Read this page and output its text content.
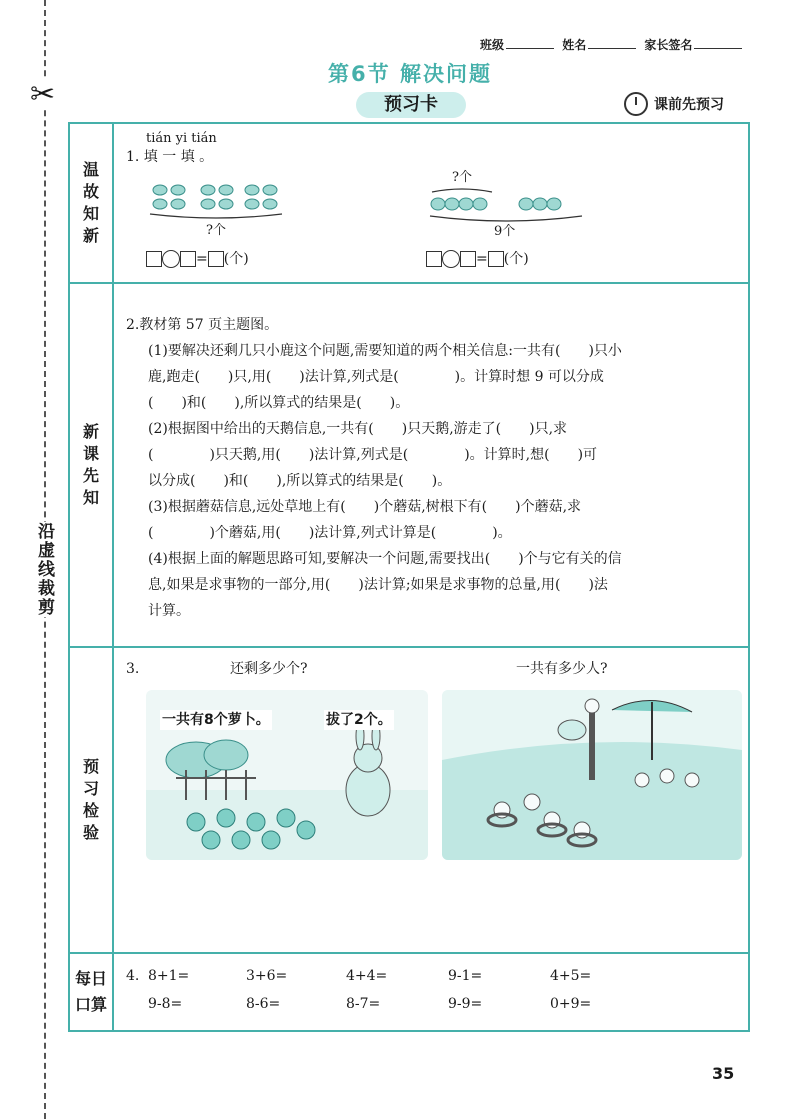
✂
沿虚线裁剪
班级	姓名	家长签名
第6节 解决问题
预习卡	课前先预习
温故知新
tián yi tián
1. 填 一 填 。
?个
= (个)
?个
9个
= (个)
新课先知

2.教材第 57 页主题图。

(1)要解决还剩几只小鹿这个问题,需要知道的两个相关信息:一共有(　　)只小

鹿,跑走(　　)只,用(　　)法计算,列式是(　　　　)。计算时想 9 可以分成

(　　)和(　　),所以算式的结果是(　　)。

(2)根据图中给出的天鹅信息,一共有(　　)只天鹅,游走了(　　)只,求

(　　　　)只天鹅,用(　　)法计算,列式是(　　　　)。计算时,想(　　)可

以分成(　　)和(　　),所以算式的结果是(　　)。

(3)根据蘑菇信息,远处草地上有(　　)个蘑菇,树根下有(　　)个蘑菇,求

(　　　　)个蘑菇,用(　　)法计算,列式计算是(　　　　)。

(4)根据上面的解题思路可知,要解决一个问题,需要找出(　　)个与它有关的信

息,如果是求事物的一部分,用(　　)法计算;如果是求事物的总量,用(　　)法

计算。

预习检验
3.	还剩多少个?	一共有多少人?
一共有8个萝卜。	拔了2个。
每日
口算
4. 8+1=	3+6=	4+4=	9-1=	4+5=
9-8=	8-6=	8-7=	9-9=	0+9=
35
